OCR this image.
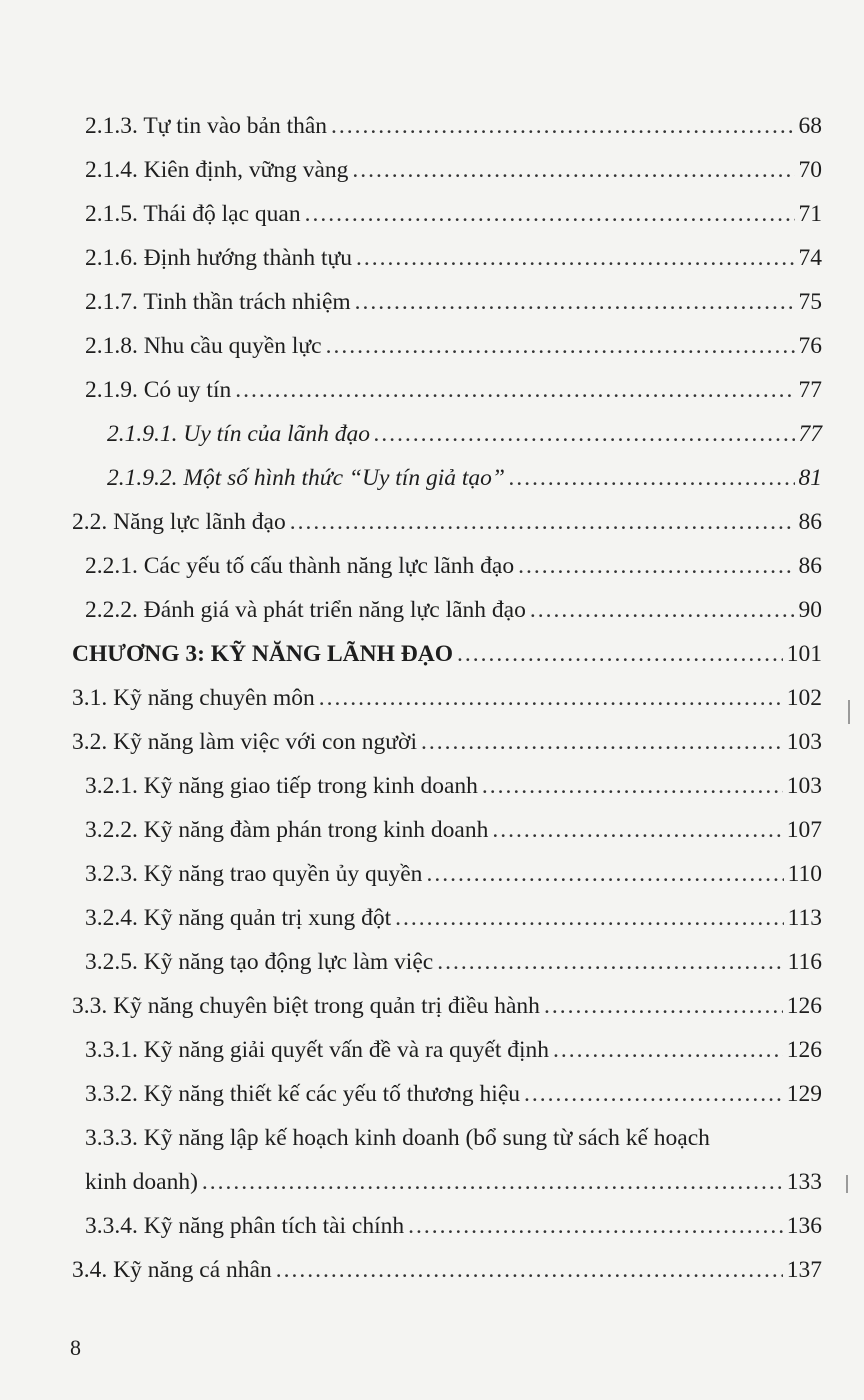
2.1.3. Tự tin vào bản thân .....	68
2.1.4. Kiên định, vững vàng .....	70
2.1.5. Thái độ lạc quan .....	71
2.1.6. Định hướng thành tựu .....	74
2.1.7. Tinh thần trách nhiệm .....	75
2.1.8. Nhu cầu quyền lực .....	76
2.1.9. Có uy tín .....	77
2.1.9.1. Uy tín của lãnh đạo .....	77
2.1.9.2. Một số hình thức “Uy tín giả tạo” .....	81
2.2. Năng lực lãnh đạo .....	86
2.2.1. Các yếu tố cấu thành năng lực lãnh đạo .....	86
2.2.2. Đánh giá và phát triển năng lực lãnh đạo .....	90
CHƯƠNG 3: KỸ NĂNG LÃNH ĐẠO .....	101
3.1. Kỹ năng chuyên môn .....	102
3.2. Kỹ năng làm việc với con người .....	103
3.2.1. Kỹ năng giao tiếp trong kinh doanh .....	103
3.2.2. Kỹ năng đàm phán trong kinh doanh .....	107
3.2.3. Kỹ năng trao quyền ủy quyền .....	110
3.2.4. Kỹ năng quản trị xung đột .....	113
3.2.5. Kỹ năng tạo động lực làm việc .....	116
3.3. Kỹ năng chuyên biệt trong quản trị điều hành .....	126
3.3.1. Kỹ năng giải quyết vấn đề và ra quyết định .....	126
3.3.2. Kỹ năng thiết kế các yếu tố thương hiệu .....	129
3.3.3. Kỹ năng lập kế hoạch kinh doanh (bổ sung từ sách kế hoạch
kinh doanh) .....	133
3.3.4. Kỹ năng phân tích tài chính .....	136
3.4. Kỹ năng cá nhân .....	137
8
